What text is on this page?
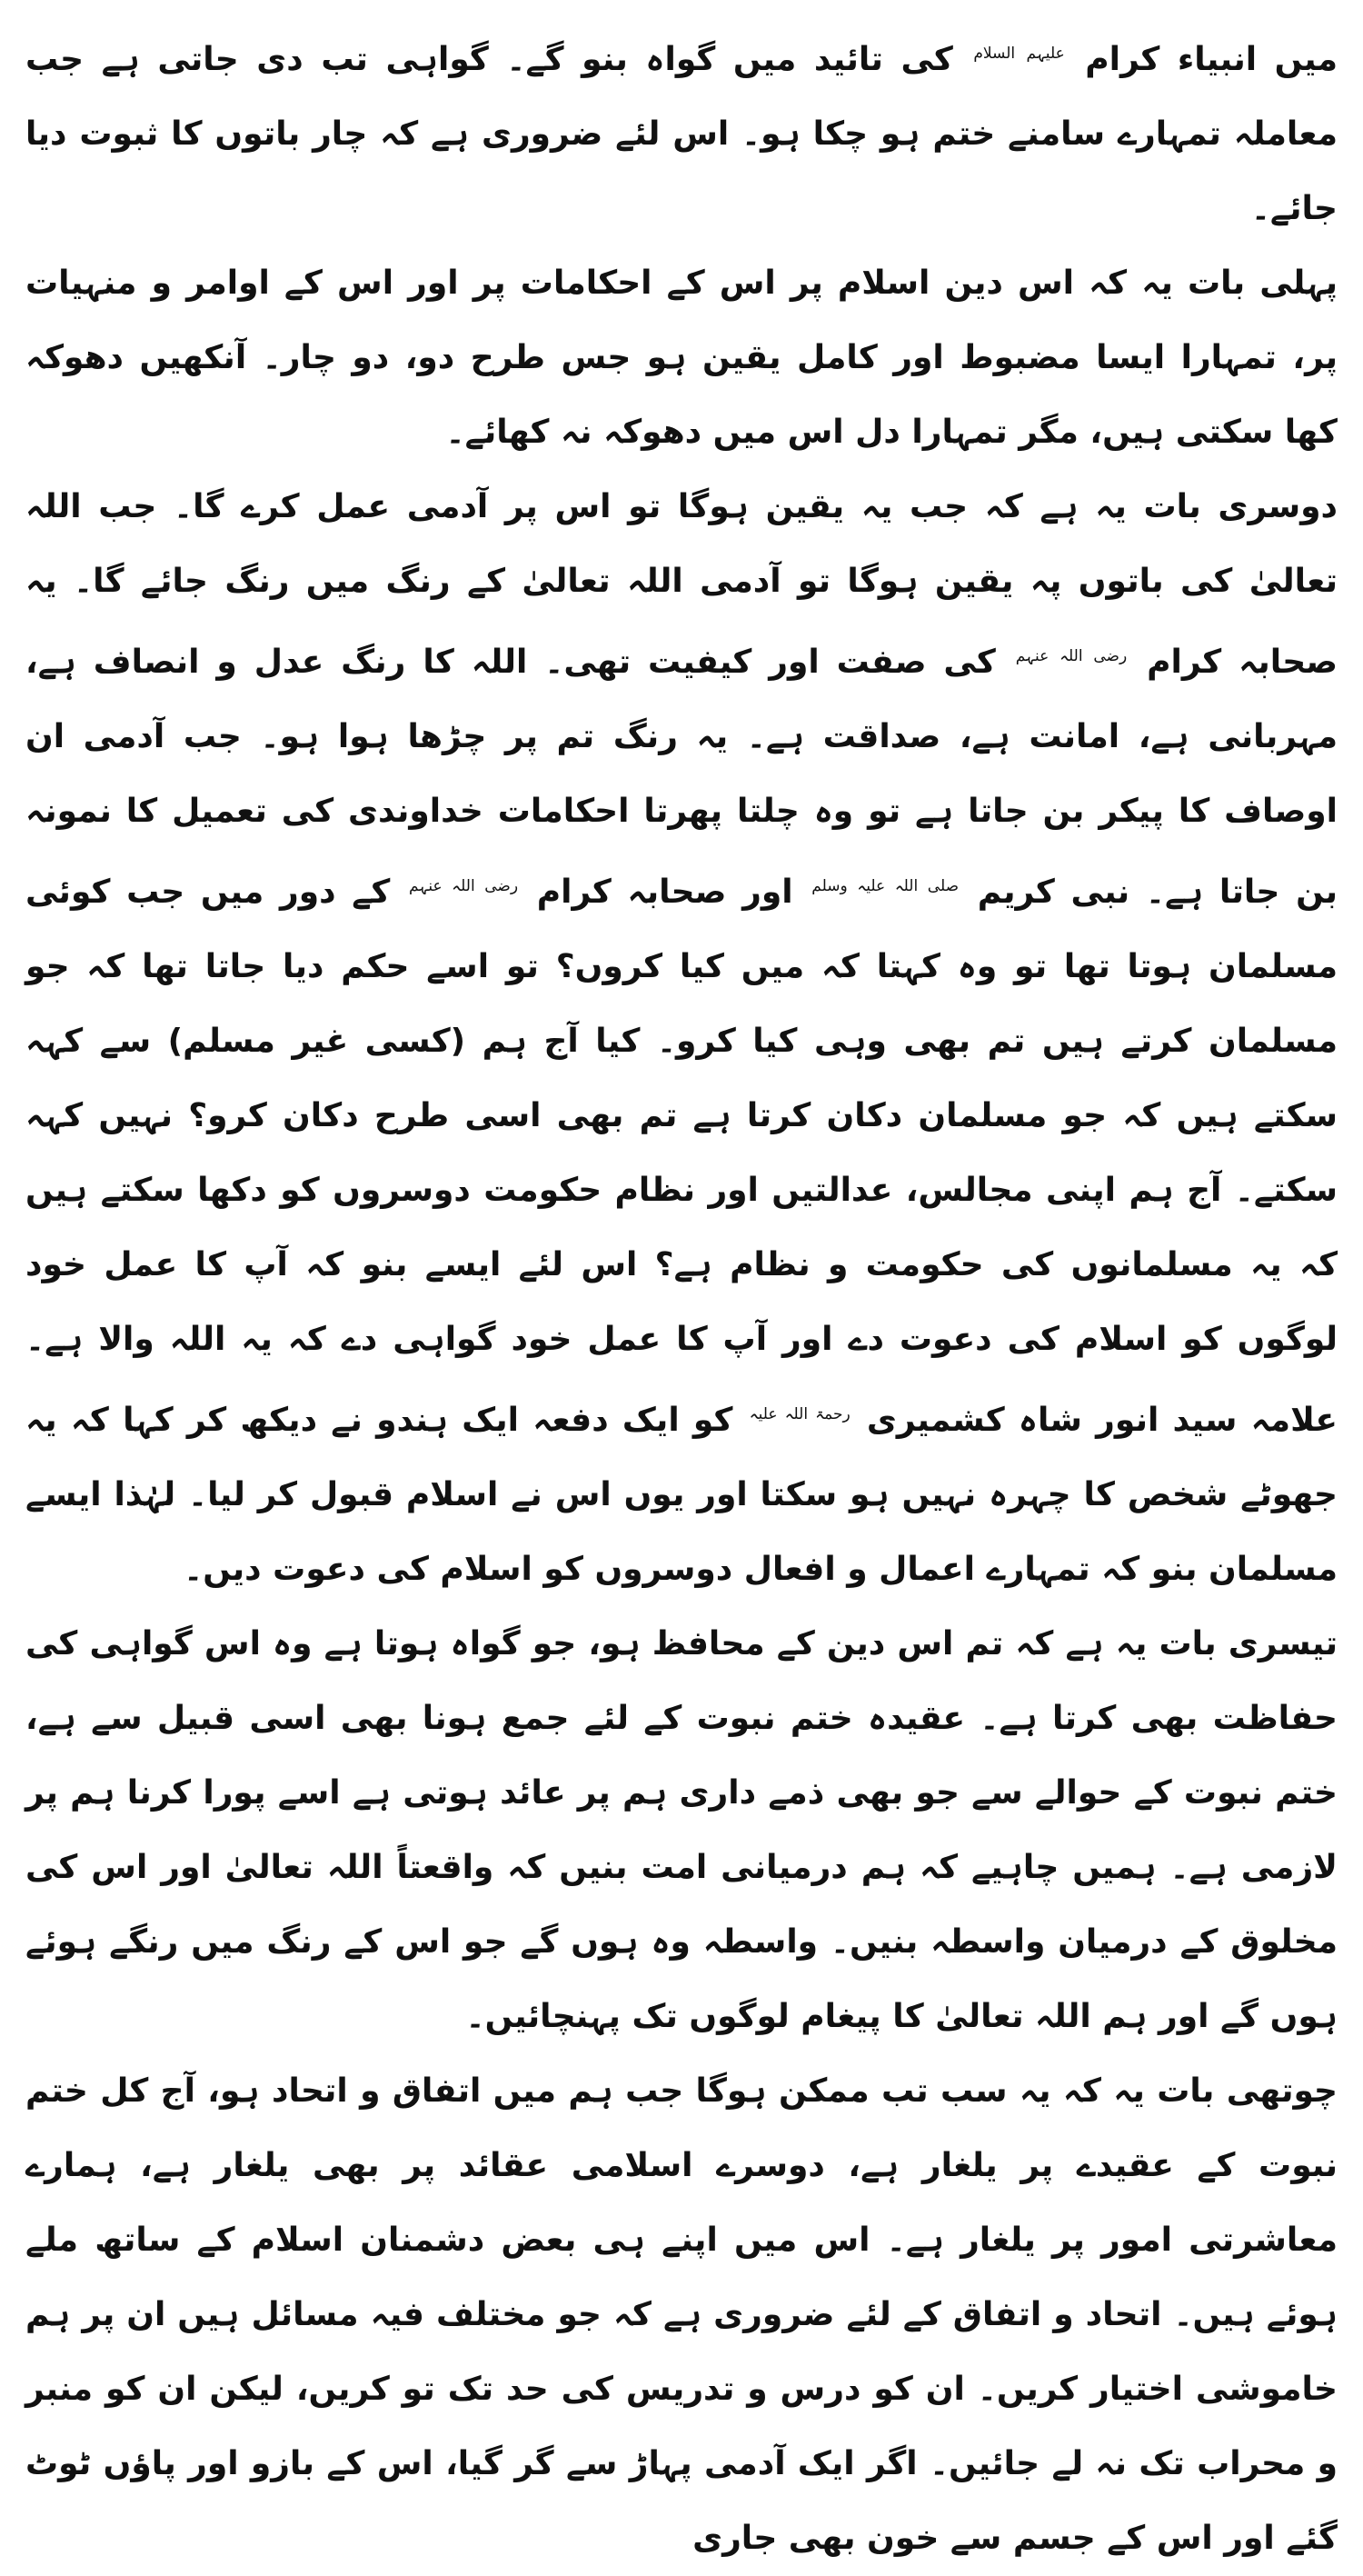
میں انبیاء کرام $^{علیہم السلام}$ کی تائید میں گواہ بنو گے۔ گواہی تب دی جاتی ہے جب معاملہ تمہارے سامنے ختم ہو چکا ہو۔ اس لئے ضروری ہے کہ چار باتوں کا ثبوت دیا جائے۔

پہلی بات یہ کہ اس دین اسلام پر اس کے احکامات پر اور اس کے اوامر و منہیات پر، تمہارا ایسا مضبوط اور کامل یقین ہو جس طرح دو، دو چار۔ آنکھیں دھوکہ کھا سکتی ہیں، مگر تمہارا دل اس میں دھوکہ نہ کھائے۔

دوسری بات یہ ہے کہ جب یہ یقین ہوگا تو اس پر آدمی عمل کرے گا۔ جب اللہ تعالیٰ کی باتوں پہ یقین ہوگا تو آدمی اللہ تعالیٰ کے رنگ میں رنگ جائے گا۔ یہ صحابہ کرام $^{رضی اللہ عنہم}$ کی صفت اور کیفیت تھی۔ اللہ کا رنگ عدل و انصاف ہے، مہربانی ہے، امانت ہے، صداقت ہے۔ یہ رنگ تم پر چڑھا ہوا ہو۔ جب آدمی ان اوصاف کا پیکر بن جاتا ہے تو وہ چلتا پھرتا احکامات خداوندی کی تعمیل کا نمونہ بن جاتا ہے۔ نبی کریم $^{صلی اللہ علیہ وسلم}$ اور صحابہ کرام $^{رضی اللہ عنہم}$ کے دور میں جب کوئی مسلمان ہوتا تھا تو وہ کہتا کہ میں کیا کروں؟ تو اسے حکم دیا جاتا تھا کہ جو مسلمان کرتے ہیں تم بھی وہی کیا کرو۔ کیا آج ہم (کسی غیر مسلم) سے کہہ سکتے ہیں کہ جو مسلمان دکان کرتا ہے تم بھی اسی طرح دکان کرو؟ نہیں کہہ سکتے۔ آج ہم اپنی مجالس، عدالتیں اور نظام حکومت دوسروں کو دکھا سکتے ہیں کہ یہ مسلمانوں کی حکومت و نظام ہے؟ اس لئے ایسے بنو کہ آپ کا عمل خود لوگوں کو اسلام کی دعوت دے اور آپ کا عمل خود گواہی دے کہ یہ اللہ والا ہے۔ علامہ سید انور شاہ کشمیری $^{رحمۃ اللہ علیہ}$ کو ایک دفعہ ایک ہندو نے دیکھ کر کہا کہ یہ جھوٹے شخص کا چہرہ نہیں ہو سکتا اور یوں اس نے اسلام قبول کر لیا۔ لہٰذا ایسے مسلمان بنو کہ تمہارے اعمال و افعال دوسروں کو اسلام کی دعوت دیں۔

تیسری بات یہ ہے کہ تم اس دین کے محافظ ہو، جو گواہ ہوتا ہے وہ اس گواہی کی حفاظت بھی کرتا ہے۔ عقیدہ ختم نبوت کے لئے جمع ہونا بھی اسی قبیل سے ہے، ختم نبوت کے حوالے سے جو بھی ذمے داری ہم پر عائد ہوتی ہے اسے پورا کرنا ہم پر لازمی ہے۔ ہمیں چاہیے کہ ہم درمیانی امت بنیں کہ واقعتاً اللہ تعالیٰ اور اس کی مخلوق کے درمیان واسطہ بنیں۔ واسطہ وہ ہوں گے جو اس کے رنگ میں رنگے ہوئے ہوں گے اور ہم اللہ تعالیٰ کا پیغام لوگوں تک پہنچائیں۔

چوتھی بات یہ کہ یہ سب تب ممکن ہوگا جب ہم میں اتفاق و اتحاد ہو، آج کل ختم نبوت کے عقیدے پر یلغار ہے، دوسرے اسلامی عقائد پر بھی یلغار ہے، ہمارے معاشرتی امور پر یلغار ہے۔ اس میں اپنے ہی بعض دشمنان اسلام کے ساتھ ملے ہوئے ہیں۔ اتحاد و اتفاق کے لئے ضروری ہے کہ جو مختلف فیہ مسائل ہیں ان پر ہم خاموشی اختیار کریں۔ ان کو درس و تدریس کی حد تک تو کریں، لیکن ان کو منبر و محراب تک نہ لے جائیں۔ اگر ایک آدمی پہاڑ سے گر گیا، اس کے بازو اور پاؤں ٹوٹ گئے اور اس کے جسم سے خون بھی جاری
